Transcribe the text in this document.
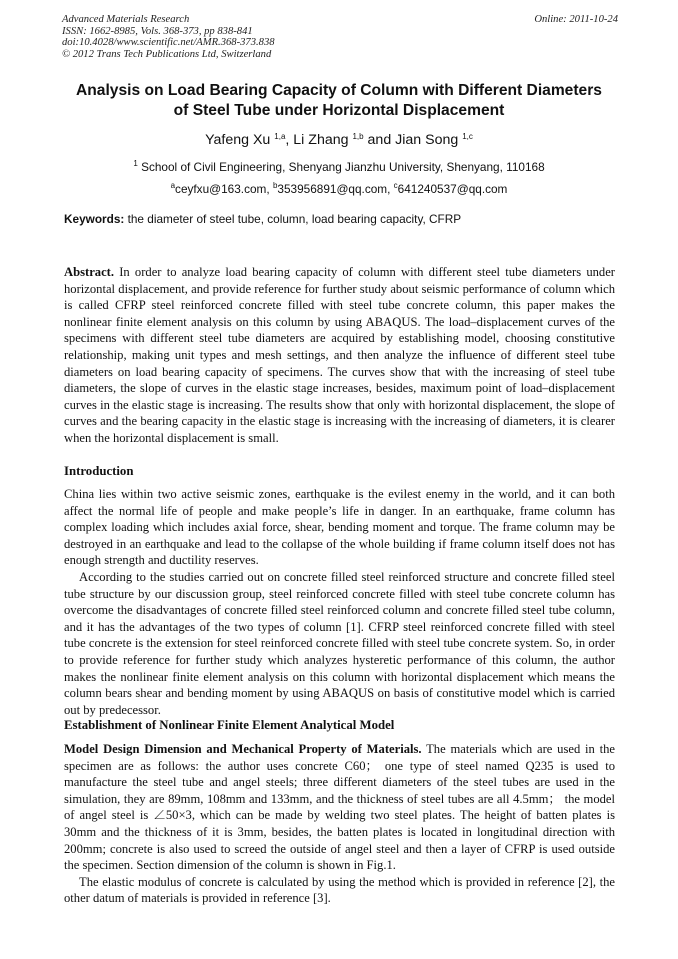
Advanced Materials Research
ISSN: 1662-8985, Vols. 368-373, pp 838-841
doi:10.4028/www.scientific.net/AMR.368-373.838
© 2012 Trans Tech Publications Ltd, Switzerland
Online: 2011-10-24
Analysis on Load Bearing Capacity of Column with Different Diameters
of Steel Tube under Horizontal Displacement
Yafeng Xu $^{1,a}$, Li Zhang $^{1,b}$ and Jian Song $^{1,c}$
$^1$ School of Civil Engineering, Shenyang Jianzhu University, Shenyang, 110168
$^a$ceyfxu@163.com, $^b$353956891@qq.com, $^c$641240537@qq.com
Keywords: the diameter of steel tube, column, load bearing capacity, CFRP

Abstract. In order to analyze load bearing capacity of column with different steel tube diameters under horizontal displacement, and provide reference for further study about seismic performance of column which is called CFRP steel reinforced concrete filled with steel tube concrete column, this paper makes the nonlinear finite element analysis on this column by using ABAQUS. The load–displacement curves of the specimens with different steel tube diameters are acquired by establishing model, choosing constitutive relationship, making unit types and mesh settings, and then analyze the influence of different steel tube diameters on load bearing capacity of specimens. The curves show that with the increasing of steel tube diameters, the slope of curves in the elastic stage increases, besides, maximum point of load–displacement curves in the elastic stage is increasing. The results show that only with horizontal displacement, the slope of curves and the bearing capacity in the elastic stage is increasing with the increasing of diameters, it is clearer when the horizontal displacement is small.

Introduction

China lies within two active seismic zones, earthquake is the evilest enemy in the world, and it can both affect the normal life of people and make people’s life in danger. In an earthquake, frame column has complex loading which includes axial force, shear, bending moment and torque. The frame column may be destroyed in an earthquake and lead to the collapse of the whole building if frame column itself does not has enough strength and ductility reserves.

According to the studies carried out on concrete filled steel reinforced structure and concrete filled steel tube structure by our discussion group, steel reinforced concrete filled with steel tube concrete column has overcome the disadvantages of concrete filled steel reinforced column and concrete filled steel tube column, and it has the advantages of the two types of column [1]. CFRP steel reinforced concrete filled with steel tube concrete is the extension for steel reinforced concrete filled with steel tube concrete system. So, in order to provide reference for further study which analyzes hysteretic performance of this column, the author makes the nonlinear finite element analysis on this column with horizontal displacement which means the column bears shear and bending moment by using ABAQUS on basis of constitutive model which is carried out by predecessor.

Establishment of Nonlinear Finite Element Analytical Model

Model Design Dimension and Mechanical Property of Materials. The materials which are used in the specimen are as follows: the author uses concrete C60； one type of steel named Q235 is used to manufacture the steel tube and angel steels; three different diameters of the steel tubes are used in the simulation, they are 89mm, 108mm and 133mm, and the thickness of steel tubes are all 4.5mm； the model of angel steel is ∠50×3, which can be made by welding two steel plates. The height of batten plates is 30mm and the thickness of it is 3mm, besides, the batten plates is located in longitudinal direction with 200mm; concrete is also used to screed the outside of angel steel and then a layer of CFRP is used outside the specimen. Section dimension of the column is shown in Fig.1.

The elastic modulus of concrete is calculated by using the method which is provided in reference [2], the other datum of materials is provided in reference [3].
